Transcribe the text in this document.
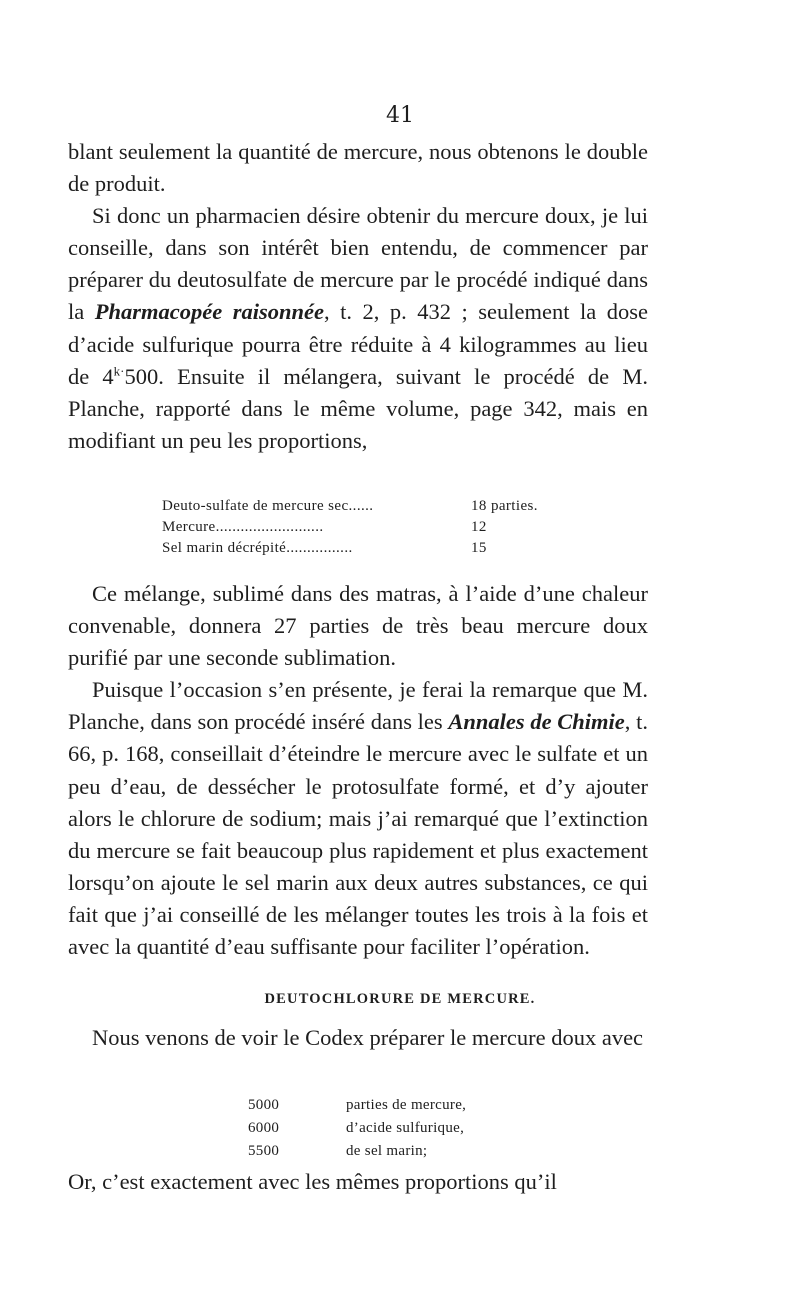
41

blant seulement la quantité de mercure, nous obtenons le double de produit.

Si donc un pharmacien désire obtenir du mercure doux, je lui conseille, dans son intérêt bien entendu, de commencer par préparer du deutosulfate de mercure par le procédé indiqué dans la Pharmacopée raisonnée, t. 2, p. 432 ; seulement la dose d’acide sulfurique pourra être réduite à 4 kilogrammes au lieu de $4^{k\cdot}500$. Ensuite il mélangera, suivant le procédé de M. Planche, rapporté dans le même volume, page 342, mais en modifiant un peu les proportions,

Deuto-sulfate de mercure sec......	18 parties.
Mercure..........................	12
Sel marin décrépité................	15

Ce mélange, sublimé dans des matras, à l’aide d’une chaleur convenable, donnera 27 parties de très beau mercure doux purifié par une seconde sublimation.

Puisque l’occasion s’en présente, je ferai la remarque que M. Planche, dans son procédé inséré dans les Annales de Chimie, t. 66, p. 168, conseillait d’éteindre le mercure avec le sulfate et un peu d’eau, de dessécher le protosulfate formé, et d’y ajouter alors le chlorure de sodium; mais j’ai remarqué que l’extinction du mercure se fait beaucoup plus rapidement et plus exactement lorsqu’on ajoute le sel marin aux deux autres substances, ce qui fait que j’ai conseillé de les mélanger toutes les trois à la fois et avec la quantité d’eau suffisante pour faciliter l’opération.

DEUTOCHLORURE DE MERCURE.

Nous venons de voir le Codex préparer le mercure doux avec

5000	parties de mercure,
6000	d’acide sulfurique,
5500	de sel marin;

Or, c’est exactement avec les mêmes proportions qu’il
